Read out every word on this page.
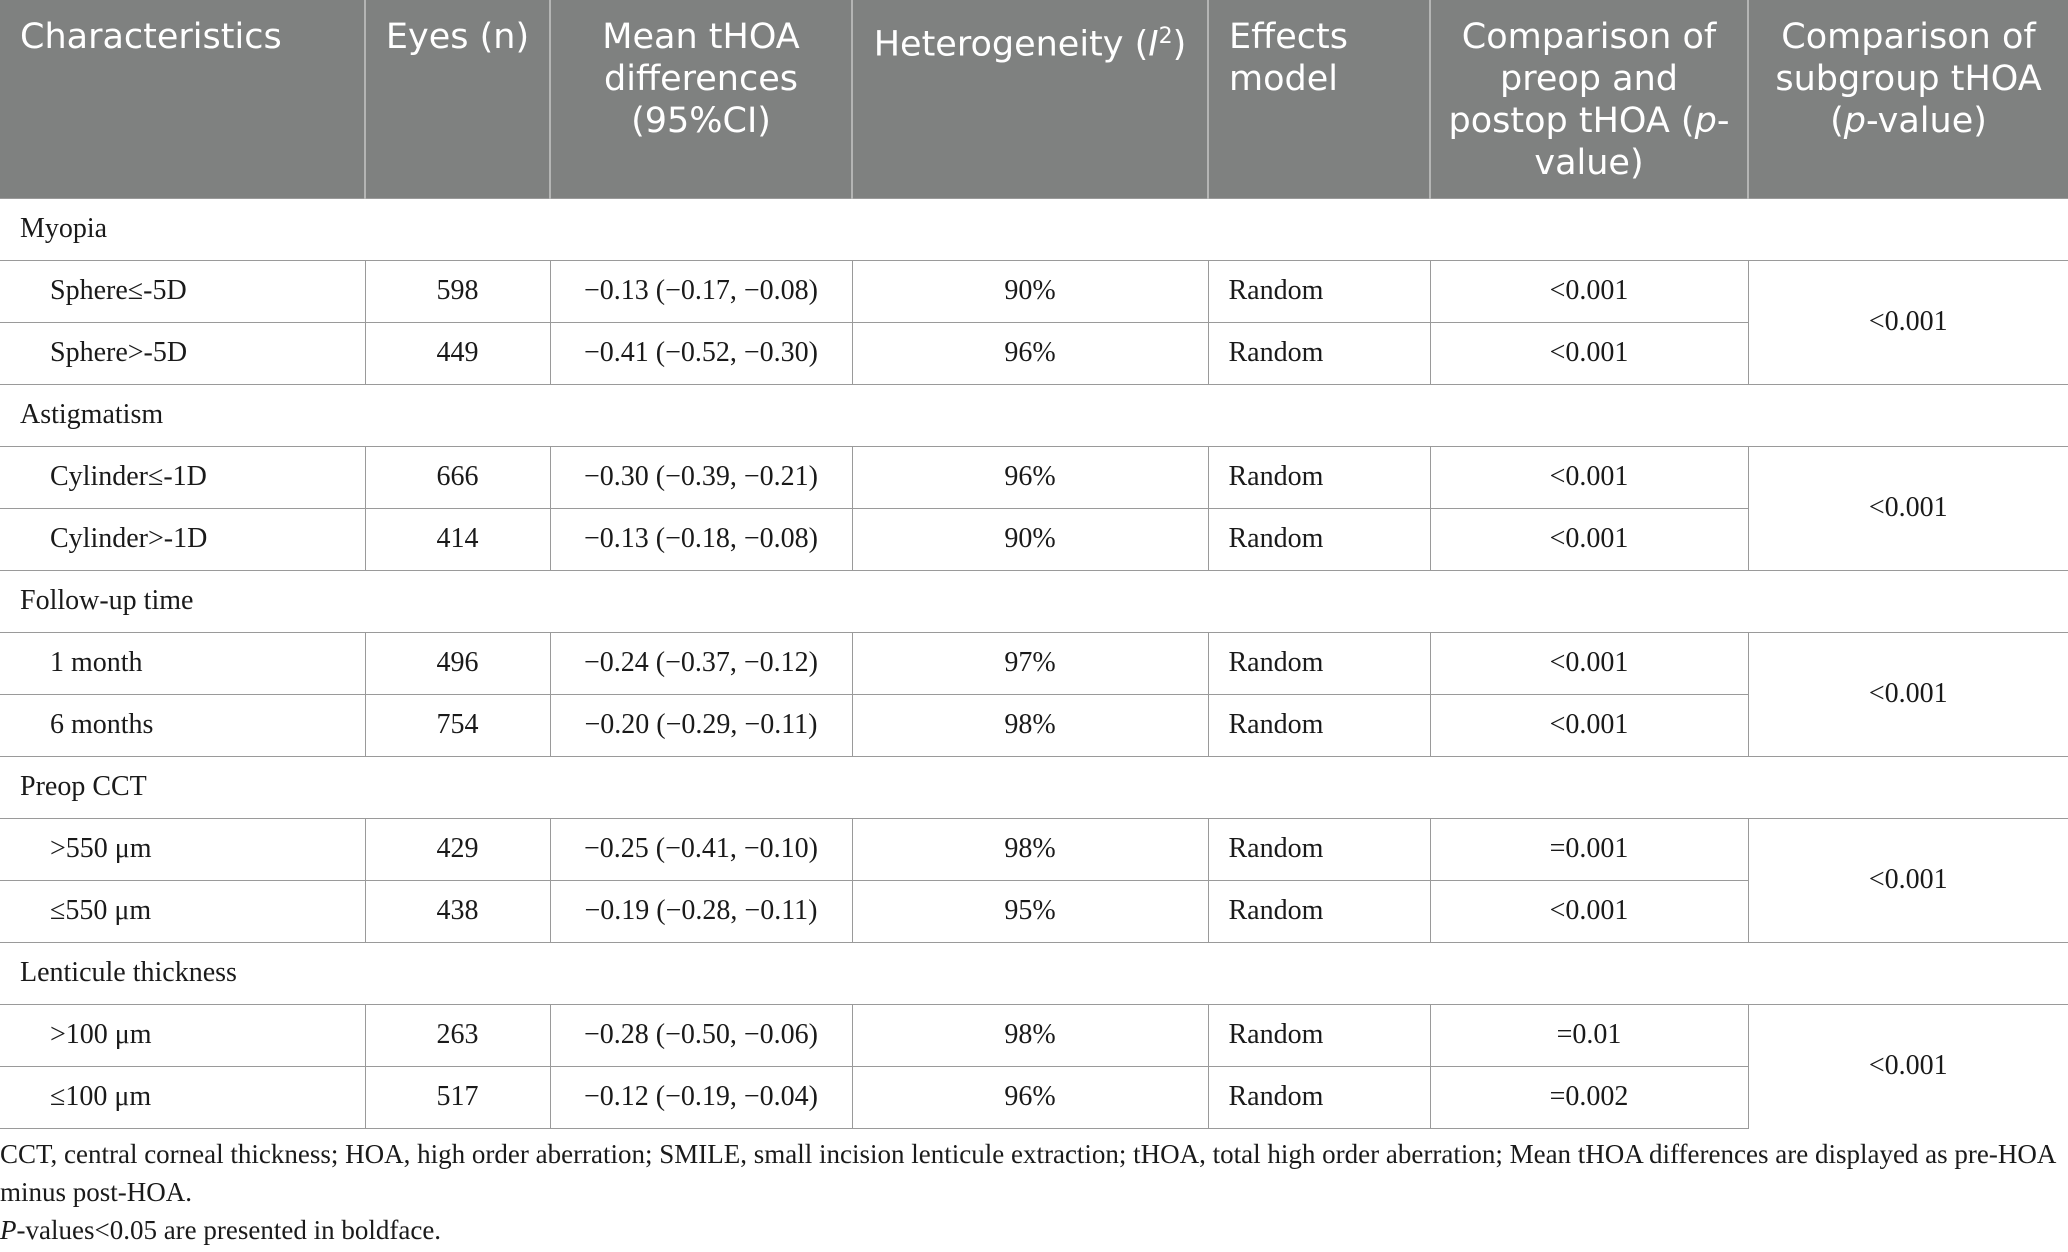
Characteristics	Eyes (n)	Mean tHOA differences (95%CI)	Heterogeneity $(I^2)$	Effects model	Comparison of preop and postop tHOA (p-value)	Comparison of subgroup tHOA (p-value)
Myopia						
Sphere≤-5D	598	−0.13 (−0.17, −0.08)	90%	Random	<0.001	<0.001
Sphere>-5D	449	−0.41 (−0.52, −0.30)	96%	Random	<0.001	
Astigmatism						
Cylinder≤-1D	666	−0.30 (−0.39, −0.21)	96%	Random	<0.001	<0.001
Cylinder>-1D	414	−0.13 (−0.18, −0.08)	90%	Random	<0.001	
Follow-up time						
1 month	496	−0.24 (−0.37, −0.12)	97%	Random	<0.001	<0.001
6 months	754	−0.20 (−0.29, −0.11)	98%	Random	<0.001	
Preop CCT						
>550 μm	429	−0.25 (−0.41, −0.10)	98%	Random	=0.001	<0.001
≤550 μm	438	−0.19 (−0.28, −0.11)	95%	Random	<0.001	
Lenticule thickness						
>100 μm	263	−0.28 (−0.50, −0.06)	98%	Random	=0.01	<0.001
≤100 μm	517	−0.12 (−0.19, −0.04)	96%	Random	=0.002	

CCT, central corneal thickness; HOA, high order aberration; SMILE, small incision lenticule extraction; tHOA, total high order aberration; Mean tHOA differences are displayed as pre-HOA minus post-HOA.

P-values<0.05 are presented in boldface.
